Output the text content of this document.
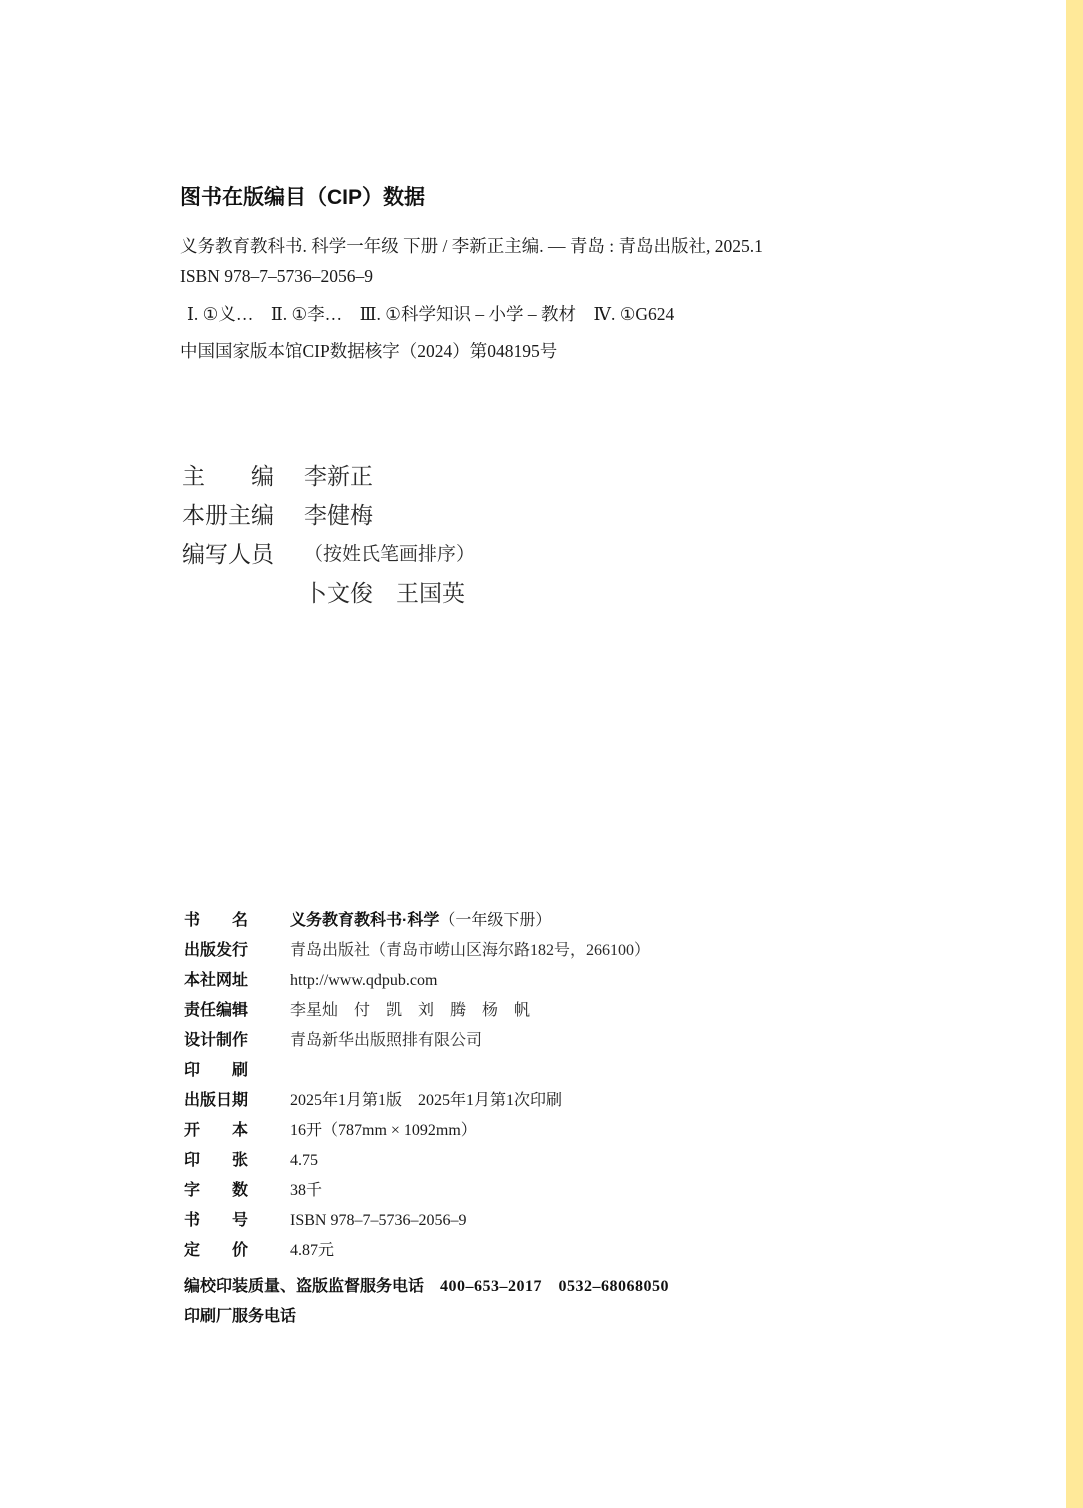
图书在版编目（CIP）数据

义务教育教科书. 科学一年级 下册 / 李新正主编. — 青岛 : 青岛出版社, 2025.1

ISBN 978–7–5736–2056–9

Ⅰ. ①义…　Ⅱ. ①李…　Ⅲ. ①科学知识 – 小学 – 教材　Ⅳ. ①G624

中国国家版本馆CIP数据核字（2024）第048195号

主　　编 李新正
本册主编 李健梅
编写人员 （按姓氏笔画排序）
卜文俊　王国英
书　　名	义务教育教科书·科学（一年级下册）
出版发行	青岛出版社（青岛市崂山区海尔路182号，266100）
本社网址	http://www.qdpub.com
责任编辑	李星灿　付　凯　刘　腾　杨　帆
设计制作	青岛新华出版照排有限公司
印　　刷
出版日期	2025年1月第1版　2025年1月第1次印刷
开　　本	16开（787mm × 1092mm）
印　　张	4.75
字　　数	38千
书　　号	ISBN 978–7–5736–2056–9
定　　价	4.87元

编校印装质量、盗版监督服务电话 400–653–2017　0532–68068050

印刷厂服务电话
